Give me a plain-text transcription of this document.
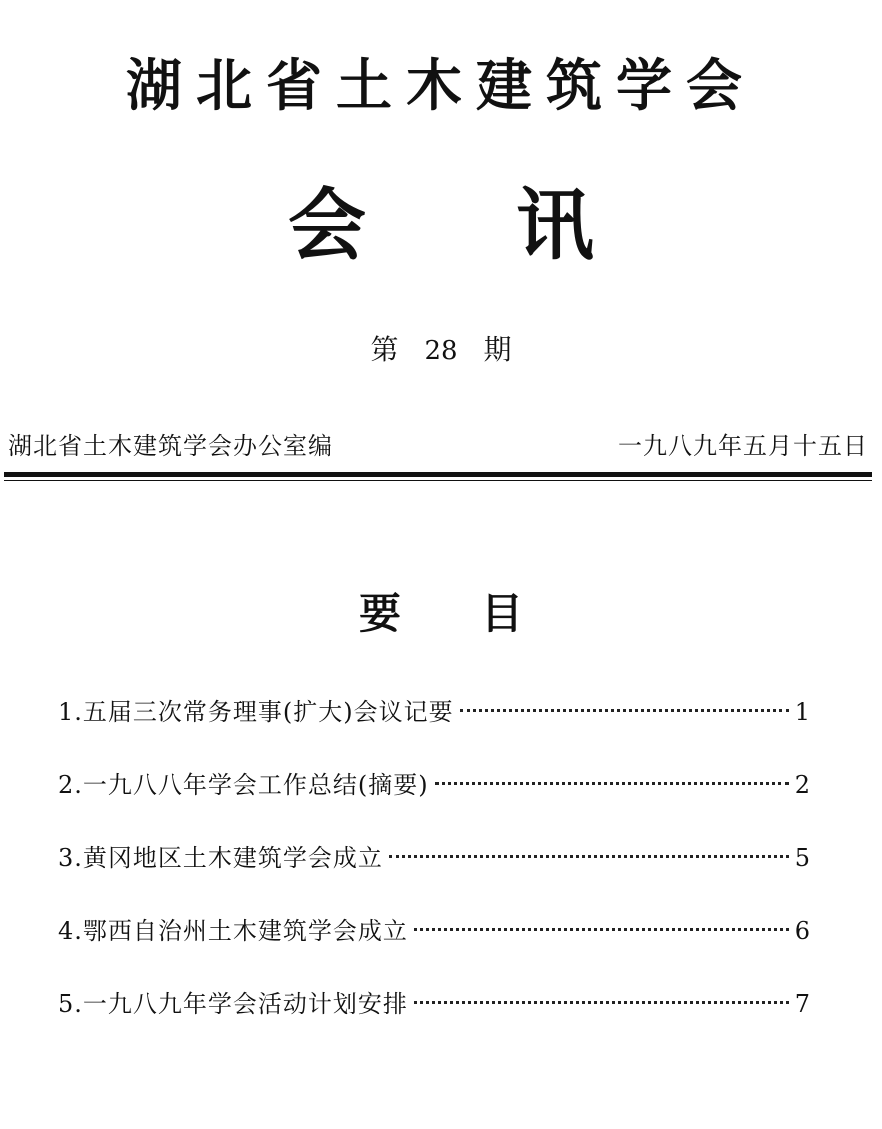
湖北省土木建筑学会
会讯
第 28 期
湖北省土木建筑学会办公室编	一九八九年五月十五日
要目
1.五届三次常务理事(扩大)会议记要	1
2.一九八八年学会工作总结(摘要)	2
3.黄冈地区土木建筑学会成立	5
4.鄂西自治州土木建筑学会成立	6
5.一九八九年学会活动计划安排	7
